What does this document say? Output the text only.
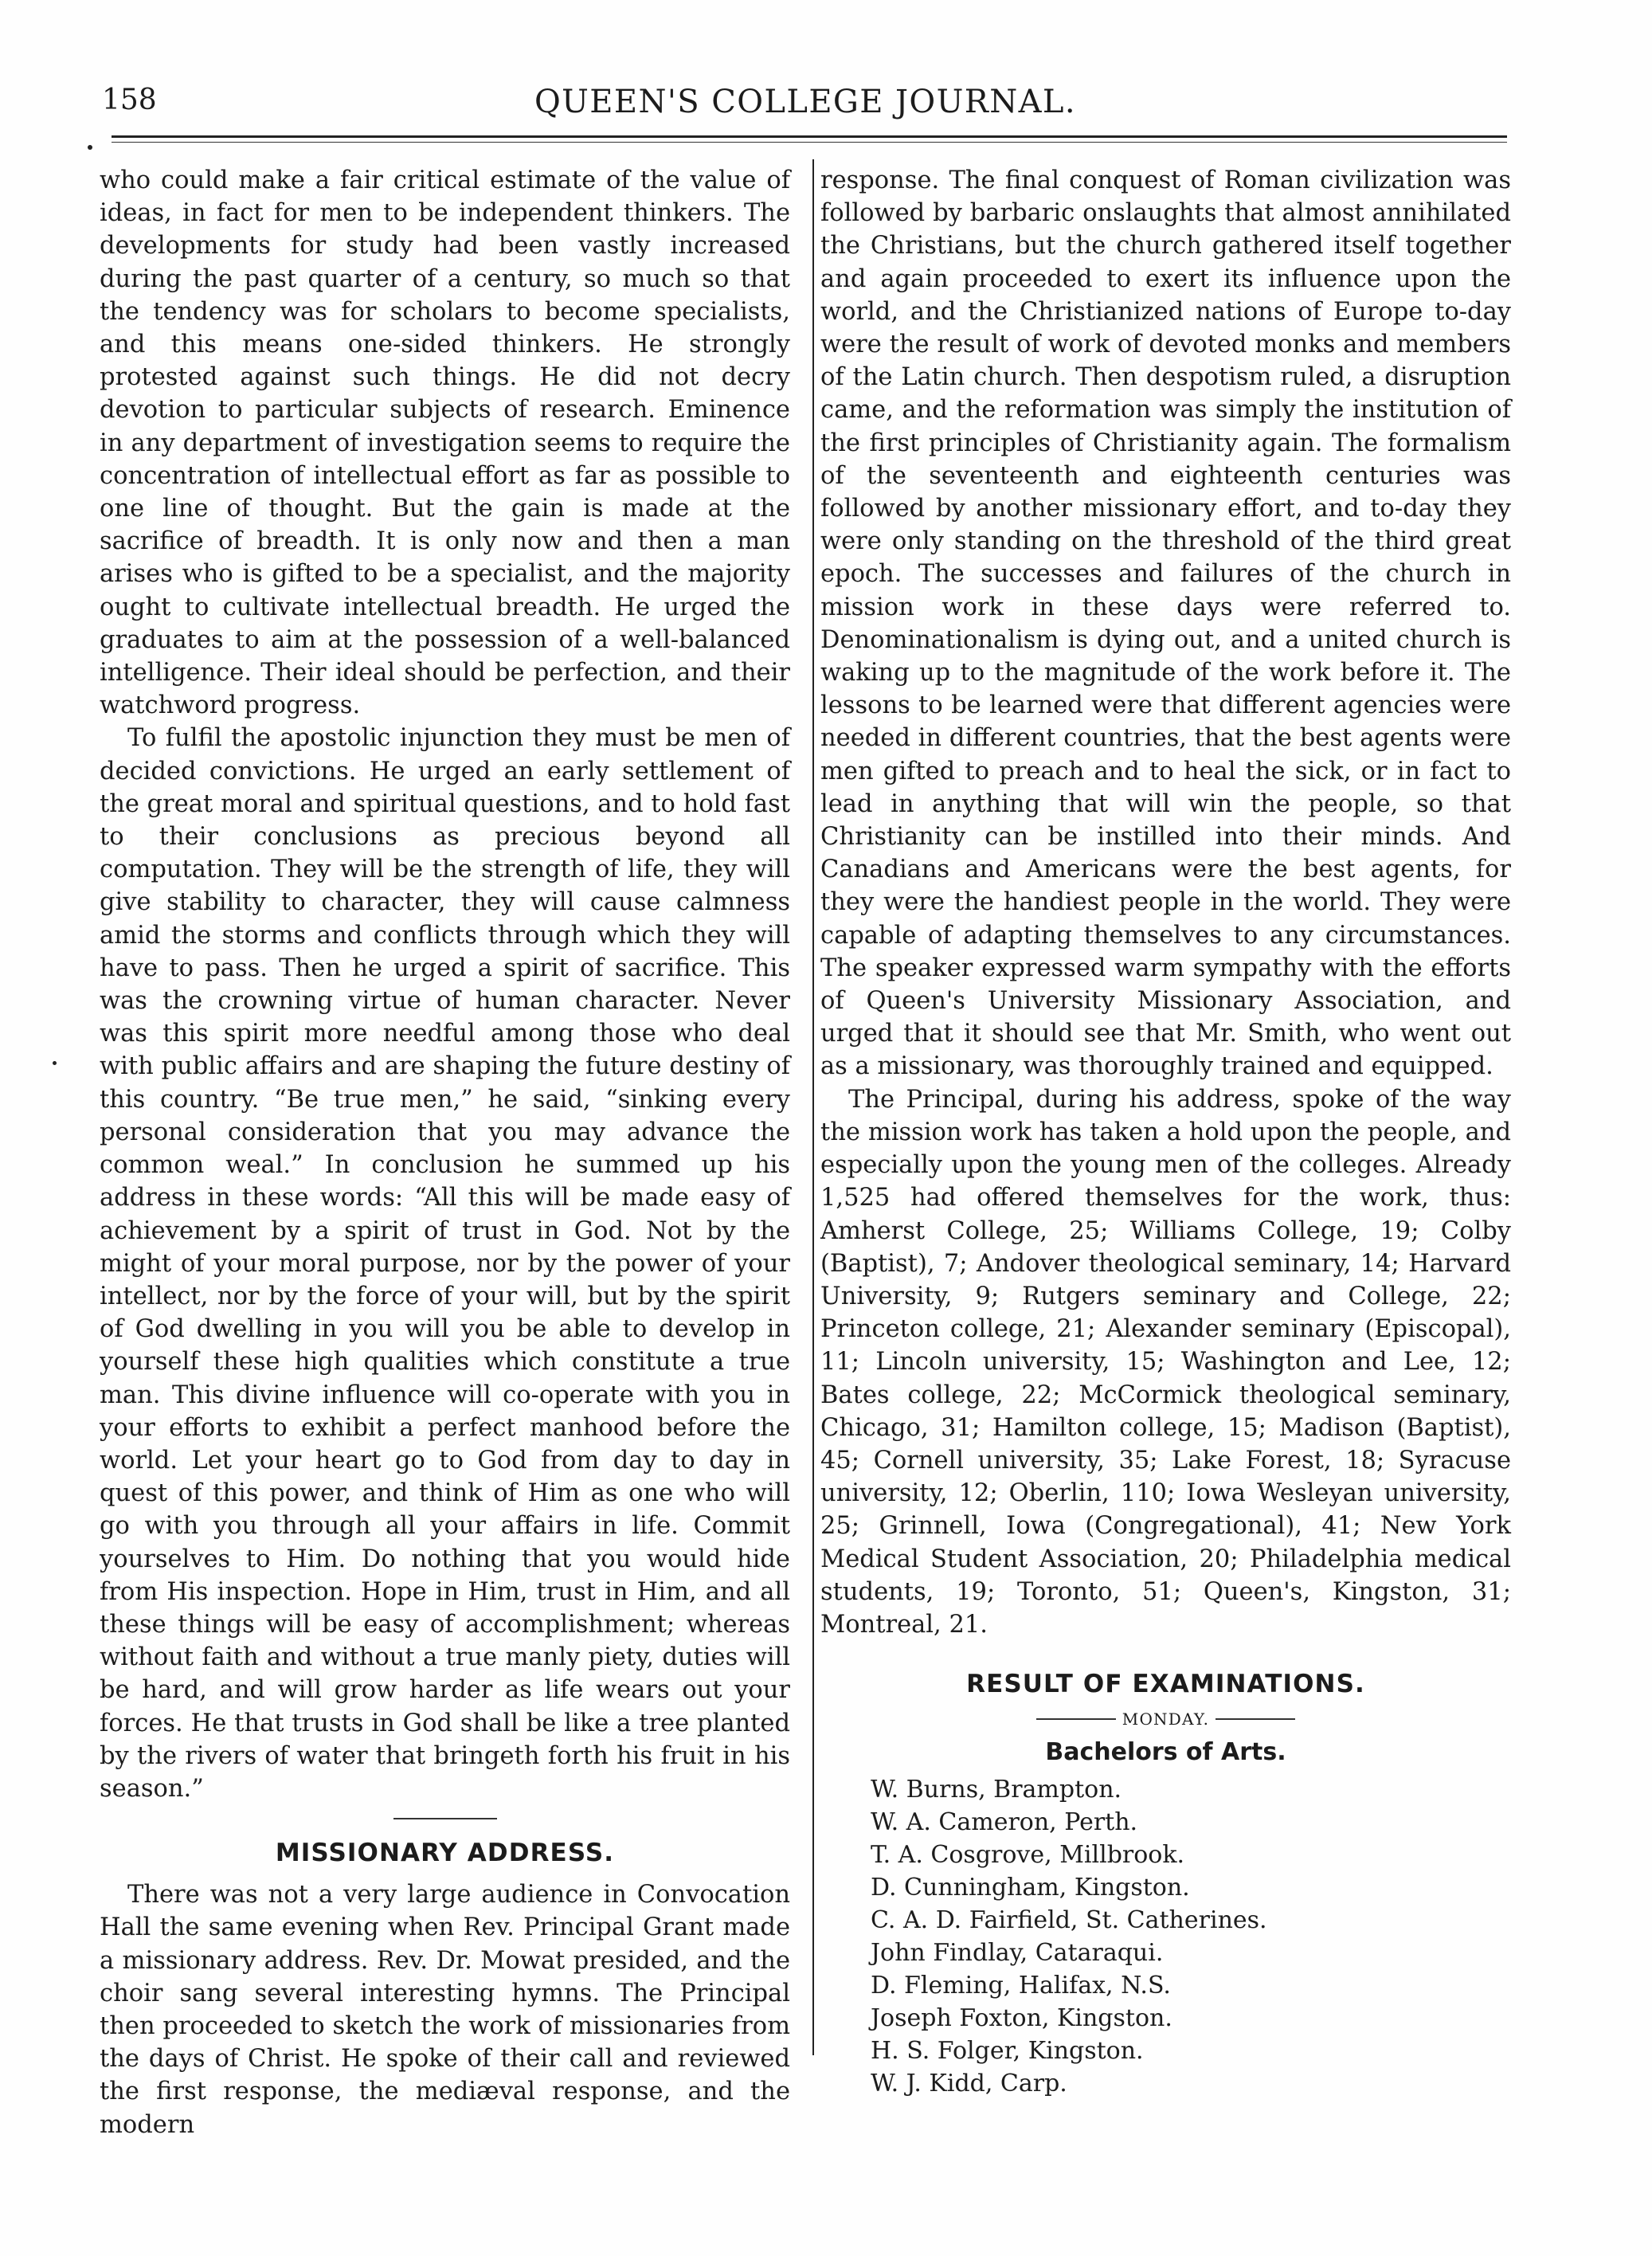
158	QUEEN'S COLLEGE JOURNAL.

who could make a fair critical estimate of the value of ideas, in fact for men to be independent thinkers. The developments for study had been vastly increased during the past quarter of a century, so much so that the tendency was for scholars to become specialists, and this means one-sided thinkers. He strongly protested against such things. He did not decry devotion to particular subjects of research. Eminence in any department of investigation seems to require the concentration of intellectual effort as far as possible to one line of thought. But the gain is made at the sacrifice of breadth. It is only now and then a man arises who is gifted to be a specialist, and the majority ought to cultivate intellectual breadth. He urged the graduates to aim at the possession of a well-balanced intelligence. Their ideal should be perfection, and their watchword progress.

To fulfil the apostolic injunction they must be men of decided convictions. He urged an early settlement of the great moral and spiritual questions, and to hold fast to their conclusions as precious beyond all computation. They will be the strength of life, they will give stability to character, they will cause calmness amid the storms and conflicts through which they will have to pass. Then he urged a spirit of sacrifice. This was the crowning virtue of human character. Never was this spirit more needful among those who deal with public affairs and are shaping the future destiny of this country. “Be true men,” he said, “sinking every personal consideration that you may advance the common weal.” In conclusion he summed up his address in these words: “All this will be made easy of achievement by a spirit of trust in God. Not by the might of your moral purpose, nor by the power of your intellect, nor by the force of your will, but by the spirit of God dwelling in you will you be able to develop in yourself these high qualities which constitute a true man. This divine influence will co-operate with you in your efforts to exhibit a perfect manhood before the world. Let your heart go to God from day to day in quest of this power, and think of Him as one who will go with you through all your affairs in life. Commit yourselves to Him. Do nothing that you would hide from His inspection. Hope in Him, trust in Him, and all these things will be easy of accomplishment; whereas without faith and without a true manly piety, duties will be hard, and will grow harder as life wears out your forces. He that trusts in God shall be like a tree planted by the rivers of water that bringeth forth his fruit in his season.”

MISSIONARY ADDRESS.

There was not a very large audience in Convocation Hall the same evening when Rev. Principal Grant made a missionary address. Rev. Dr. Mowat presided, and the choir sang several interesting hymns. The Principal then proceeded to sketch the work of missionaries from the days of Christ. He spoke of their call and reviewed the first response, the mediæval response, and the modern

response. The final conquest of Roman civilization was followed by barbaric onslaughts that almost annihilated the Christians, but the church gathered itself together and again proceeded to exert its influence upon the world, and the Christianized nations of Europe to-day were the result of work of devoted monks and members of the Latin church. Then despotism ruled, a disruption came, and the reformation was simply the institution of the first principles of Christianity again. The formalism of the seventeenth and eighteenth centuries was followed by another missionary effort, and to-day they were only standing on the threshold of the third great epoch. The successes and failures of the church in mission work in these days were referred to. Denominationalism is dying out, and a united church is waking up to the magnitude of the work before it. The lessons to be learned were that different agencies were needed in different countries, that the best agents were men gifted to preach and to heal the sick, or in fact to lead in anything that will win the people, so that Christianity can be instilled into their minds. And Canadians and Americans were the best agents, for they were the handiest people in the world. They were capable of adapting themselves to any circumstances. The speaker expressed warm sympathy with the efforts of Queen's University Missionary Association, and urged that it should see that Mr. Smith, who went out as a missionary, was thoroughly trained and equipped.

The Principal, during his address, spoke of the way the mission work has taken a hold upon the people, and especially upon the young men of the colleges. Already 1,525 had offered themselves for the work, thus: Amherst College, 25; Williams College, 19; Colby (Baptist), 7; Andover theological seminary, 14; Harvard University, 9; Rutgers seminary and College, 22; Princeton college, 21; Alexander seminary (Episcopal), 11; Lincoln university, 15; Washington and Lee, 12; Bates college, 22; McCormick theological seminary, Chicago, 31; Hamilton college, 15; Madison (Baptist), 45; Cornell university, 35; Lake Forest, 18; Syracuse university, 12; Oberlin, 110; Iowa Wesleyan university, 25; Grinnell, Iowa (Congregational), 41; New York Medical Student Association, 20; Philadelphia medical students, 19; Toronto, 51; Queen's, Kingston, 31; Montreal, 21.

RESULT OF EXAMINATIONS.
MONDAY.
Bachelors of Arts.
W. Burns, Brampton.
W. A. Cameron, Perth.
T. A. Cosgrove, Millbrook.
D. Cunningham, Kingston.
C. A. D. Fairfield, St. Catherines.
John Findlay, Cataraqui.
D. Fleming, Halifax, N.S.
Joseph Foxton, Kingston.
H. S. Folger, Kingston.
W. J. Kidd, Carp.
